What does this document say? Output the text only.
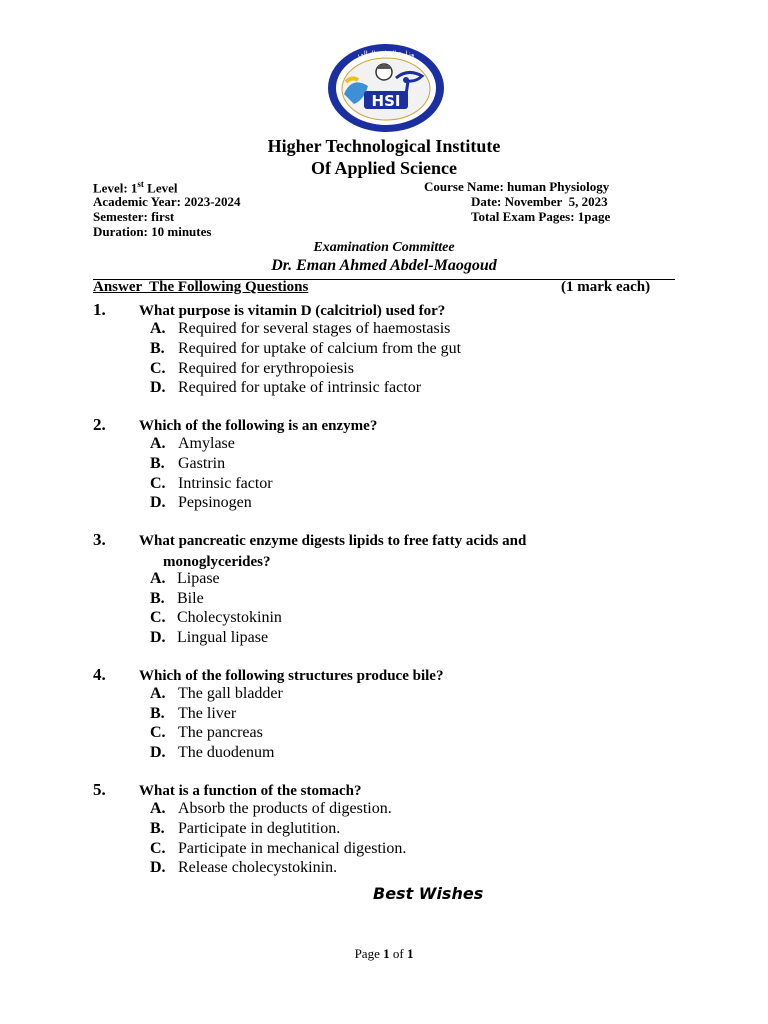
HSI
وزارة التعليم العالي
Higher Technological Institute
Of Applied Science
Level: 1st Level	Course Name: human Physiology
Academic Year: 2023-2024	Date: November  5, 2023
Semester: first	Total Exam Pages: 1page
Duration: 10 minutes
Examination Committee
Dr. Eman Ahmed Abdel-Maogoud
Answer  The Following Questions	(1 mark each)
1. What purpose is vitamin D (calcitriol) used for?
A. Required for several stages of haemostasis
B. Required for uptake of calcium from the gut
C. Required for erythropoiesis
D. Required for uptake of intrinsic factor
2. Which of the following is an enzyme?
A. Amylase
B. Gastrin
C. Intrinsic factor
D. Pepsinogen
3. What pancreatic enzyme digests lipids to free fatty acids and
monoglycerides?
A. Lipase
B. Bile
C. Cholecystokinin
D. Lingual lipase
4. Which of the following structures produce bile?
A. The gall bladder
B. The liver
C. The pancreas
D. The duodenum
5. What is a function of the stomach?
A. Absorb the products of digestion.
B. Participate in deglutition.
C. Participate in mechanical digestion.
D. Release cholecystokinin.
Best Wishes
Page 1 of 1
